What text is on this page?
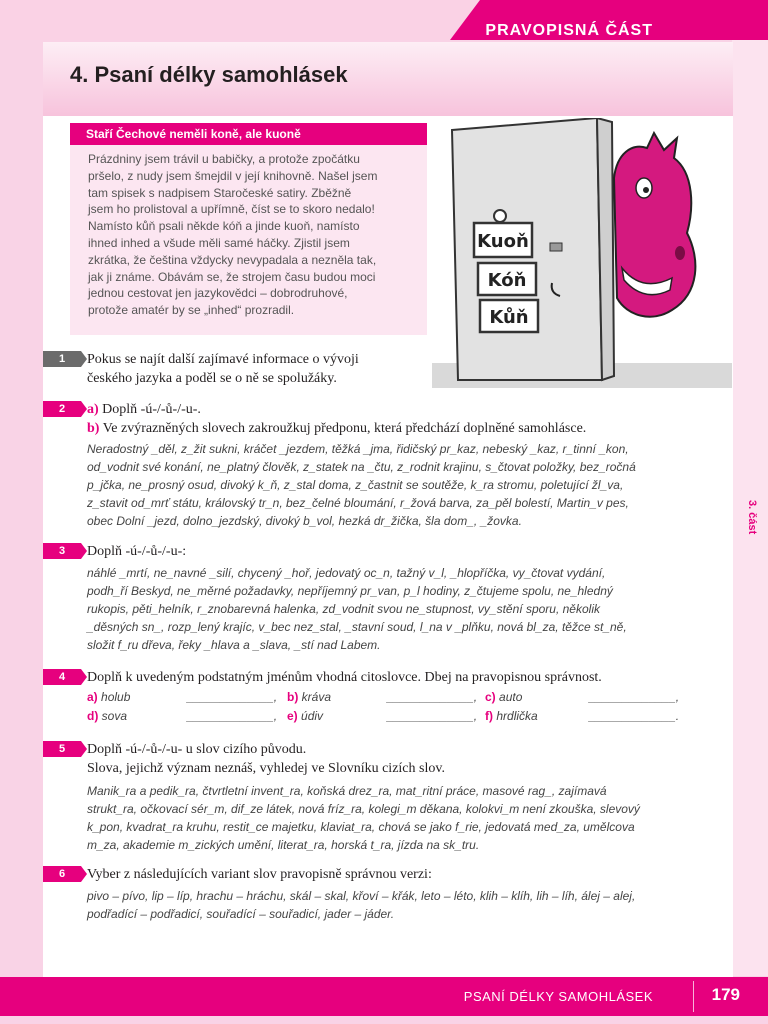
PRAVOPISNÁ ČÁST
3. část
4. Psaní délky samohlásek
Staří Čechové neměli koně, ale kuoně
Prázdniny jsem trávil u babičky, a protože zpočátku
pršelo, z nudy jsem šmejdil v její knihovně. Našel jsem
tam spisek s nadpisem Staročeské satiry. Zběžně
jsem ho prolistoval a upřímně, číst se to skoro nedalo!
Namísto kůň psali někde kóň a jinde kuoň, namísto
ihned inhed a všude měli samé háčky. Zjistil jsem
zkrátka, že čeština vždycky nevypadala a nezněla tak,
jak ji známe. Obávám se, že strojem času budou moci
jednou cestovat jen jazykovědci – dobrodruhové,
protože amatér by se „inhed“ prozradil.
Kuoň
Kóň
Kůň
1	Pokus se najít další zajímavé informace o vývoji
českého jazyka a poděl se o ně se spolužáky.
2	a) Doplň -ú-/-ů-/-u-.
b) Ve zvýrazněných slovech zakroužkuj předponu, která předchází doplněné samohlásce.
Neradostný _děl, z_žit sukni, kráčet _jezdem, těžká _jma, řidičský pr_kaz, nebeský _kaz, r_tinní _kon,
od_vodnit své konání, ne_platný člověk, z_statek na _čtu, z_rodnit krajinu, s_čtovat položky, bez_ročná
p_jčka, ne_prosný osud, divoký k_ň, z_stal doma, z_častnit se soutěže, k_ra stromu, poletující žl_va,
z_stavit od_mrť státu, královský tr_n, bez_čelné bloumání, r_žová barva, za_pěl bolestí, Martin_v pes,
obec Dolní _jezd, dolno_jezdský, divoký b_vol, hezká dr_žička, šla dom_, _žovka.
3	Doplň -ú-/-ů-/-u-:
náhlé _mrtí, ne_navné _silí, chycený _hoř, jedovatý oc_n, tažný v_l, _hlopříčka, vy_čtovat vydání,
podh_ří Beskyd, ne_měrné požadavky, nepříjemný pr_van, p_l hodiny, z_čtujeme spolu, ne_hledný
rukopis, pěti_helník, r_znobarevná halenka, zd_vodnit svou ne_stupnost, vy_stění sporu, několik
_děsných sn_, rozp_lený krajíc, v_bec nez_stal, _stavní soud, l_na v _plňku, nová bl_za, těžce st_ně,
složit f_ru dřeva, řeky _hlava a _slava, _stí nad Labem.
4	Doplň k uvedeným podstatným jménům vhodná citoslovce. Dbej na pravopisnou správnost.
a) holub	_____________, b) kráva	_____________, c) auto	_____________,
d) sova	_____________, e) údiv	_____________, f) hrdlička	_____________.
5	Doplň -ú-/-ů-/-u- u slov cizího původu.
Slova, jejichž význam neznáš, vyhledej ve Slovníku cizích slov.
Manik_ra a pedik_ra, čtvrtletní invent_ra, koňská drez_ra, mat_ritní práce, masové rag_, zajímavá
strukt_ra, očkovací sér_m, dif_ze látek, nová fríz_ra, kolegi_m děkana, kolokvi_m není zkouška, slevový
k_pon, kvadrat_ra kruhu, restit_ce majetku, klaviat_ra, chová se jako f_rie, jedovatá med_za, umělcova
m_za, akademie m_zických umění, literat_ra, horská t_ra, jízda na sk_tru.
6	Vyber z následujících variant slov pravopisně správnou verzi:
pivo – pívo, lip – líp, hrachu – hráchu, skál – skal, křoví – křák, leto – léto, klih – klíh, lih – líh, álej – alej,
podřadící – podřadicí, souřadící – souřadicí, jader – jáder.
PSANÍ DÉLKY SAMOHLÁSEK	179
